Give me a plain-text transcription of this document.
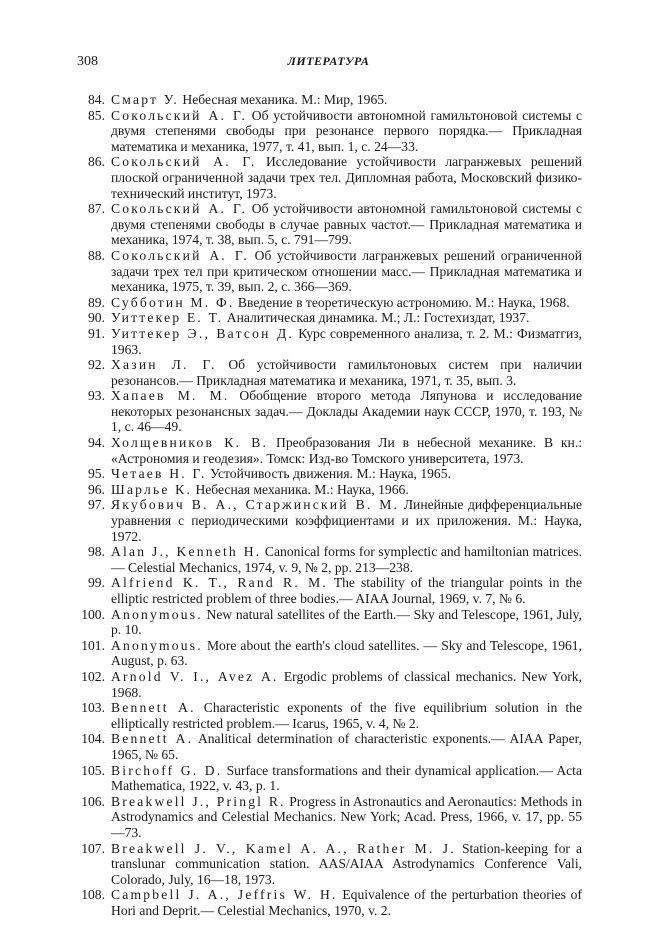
308	ЛИТЕРАТУРА
84. Смарт У. Небесная механика. М.: Мир, 1965.
85. Сокольский А. Г. Об устойчивости автономной гамильтоновой системы с двумя степенями свободы при резонансе первого порядка.— Прикладная математика и механика, 1977, т. 41, вып. 1, с. 24—33.
86. Сокольский А. Г. Исследование устойчивости лагранжевых решений плоской ограниченной задачи трех тел. Дипломная работа, Московский физико-технический институт, 1973.
87. Сокольский А. Г. Об устойчивости автономной гамильтоновой системы с двумя степенями свободы в случае равных частот.— Прикладная математика и механика, 1974, т. 38, вып. 5, с. 791—799.
88. Сокольский А. Г. Об устойчивости лагранжевых решений ограниченной задачи трех тел при критическом отношении масс.— Прикладная математика и механика, 1975, т. 39, вып. 2, с. 366—369.
89. Субботин М. Ф. Введение в теоретическую астрономию. М.: Наука, 1968.
90. Уиттекер Е. Т. Аналитическая динамика. М.; Л.: Гостехиздат, 1937.
91. Уиттекер Э., Ватсон Д. Курс современного анализа, т. 2. М.: Физматгиз, 1963.
92. Хазин Л. Г. Об устойчивости гамильтоновых систем при наличии резонансов.— Прикладная математика и механика, 1971, т. 35, вып. 3.
93. Хапаев М. М. Обобщение второго метода Ляпунова и исследование некоторых резонансных задач.— Доклады Академии наук СССР, 1970, т. 193, № 1, с. 46—49.
94. Холщевников К. В. Преобразования Ли в небесной механике. В кн.: «Астрономия и геодезия». Томск: Изд-во Томского университета, 1973.
95. Четаев Н. Г. Устойчивость движения. М.: Наука, 1965.
96. Шарлье К. Небесная механика. М.: Наука, 1966.
97. Якубович В. А., Старжинский В. М. Линейные дифференциальные уравнения с периодическими коэффициентами и их приложения. М.: Наука, 1972.
98. Alan J., Kenneth H. Canonical forms for symplectic and hamiltonian matrices.— Celestial Mechanics, 1974, v. 9, № 2, pp. 213—238.
99. Alfriend K. T., Rand R. M. The stability of the triangular points in the elliptic restricted problem of three bodies.— AIAA Journal, 1969, v. 7, № 6.
100. Anonymous. New natural satellites of the Earth.— Sky and Telescope, 1961, July, p. 10.
101. Anonymous. More about the earth's cloud satellites. — Sky and Telescope, 1961, August, p. 63.
102. Arnold V. I., Avez A. Ergodic problems of classical mechanics. New York, 1968.
103. Bennett A. Characteristic exponents of the five equilibrium solution in the elliptically restricted problem.— Icarus, 1965, v. 4, № 2.
104. Bennett A. Analitical determination of characteristic exponents.— AIAA Paper, 1965, № 65.
105. Birchoff G. D. Surface transformations and their dynamical application.— Acta Mathematica, 1922, v. 43, p. 1.
106. Breakwell J., Pringl R. Progress in Astronautics and Aeronautics: Methods in Astrodynamics and Celestial Mechanics. New York; Acad. Press, 1966, v. 17, pp. 55—73.
107. Breakwell J. V., Kamel A. A., Rather M. J. Station-keeping for a translunar communication station. AAS/AIAA Astrodynamics Conference Vali, Colorado, July, 16—18, 1973.
108. Campbell J. A., Jeffris W. H. Equivalence of the perturbation theories of Hori and Deprit.— Celestial Mechanics, 1970, v. 2.
